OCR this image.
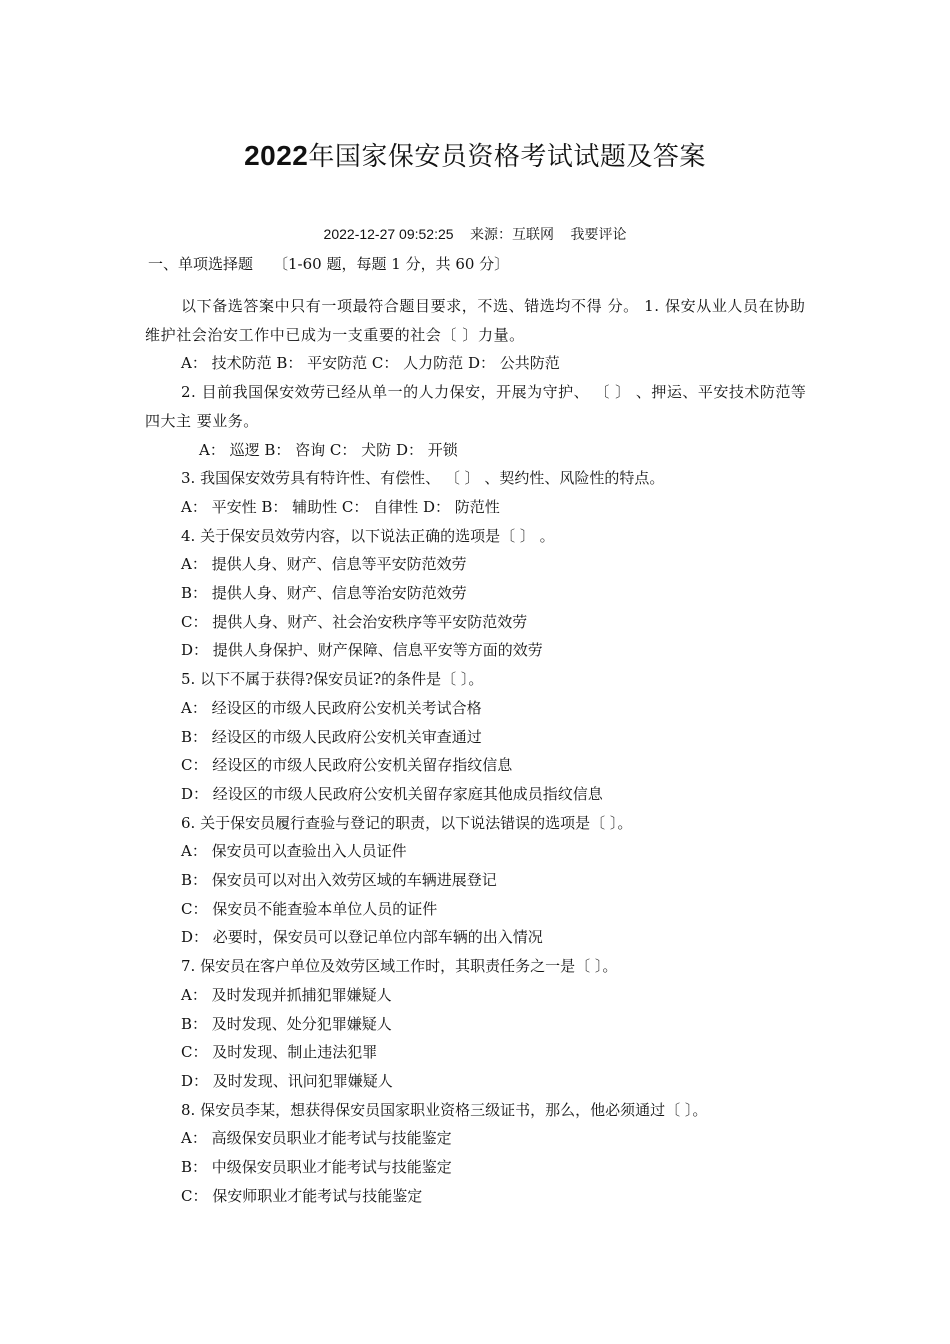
2022年国家保安员资格考试试题及答案
2022-12-27 09:52:25 来源：互联网 我要评论
一、单项选择题 〔1-60 题，每题 1 分，共 60 分〕
以下备选答案中只有一项最符合题目要求，不选、错选均不得 分。 1. 保安从业人员在协助维护社会治安工作中已成为一支重要的社会〔 〕力量。
A： 技术防范 B： 平安防范 C： 人力防范 D： 公共防范
2. 目前我国保安效劳已经从单一的人力保安，开展为守护、 〔 〕 、押运、平安技术防范等四大主 要业务。
A： 巡逻 B： 咨询 C： 犬防 D： 开锁
3. 我国保安效劳具有特许性、有偿性、 〔 〕 、契约性、风险性的特点。
A： 平安性 B： 辅助性 C： 自律性 D： 防范性
4. 关于保安员效劳内容，以下说法正确的选项是〔 〕 。
A： 提供人身、财产、信息等平安防范效劳
B： 提供人身、财产、信息等治安防范效劳
C： 提供人身、财产、社会治安秩序等平安防范效劳
D： 提供人身保护、财产保障、信息平安等方面的效劳
5. 以下不属于获得?保安员证?的条件是〔 〕。
A： 经设区的市级人民政府公安机关考试合格
B： 经设区的市级人民政府公安机关审查通过
C： 经设区的市级人民政府公安机关留存指纹信息
D： 经设区的市级人民政府公安机关留存家庭其他成员指纹信息
6. 关于保安员履行查验与登记的职责，以下说法错误的选项是〔 〕。
A： 保安员可以查验出入人员证件
B： 保安员可以对出入效劳区域的车辆进展登记
C： 保安员不能查验本单位人员的证件
D： 必要时，保安员可以登记单位内部车辆的出入情况
7. 保安员在客户单位及效劳区域工作时，其职责任务之一是〔 〕。
A： 及时发现并抓捕犯罪嫌疑人
B： 及时发现、处分犯罪嫌疑人
C： 及时发现、制止违法犯罪
D： 及时发现、讯问犯罪嫌疑人
8. 保安员李某，想获得保安员国家职业资格三级证书，那么，他必须通过〔 〕。
A： 高级保安员职业才能考试与技能鉴定
B： 中级保安员职业才能考试与技能鉴定
C： 保安师职业才能考试与技能鉴定
